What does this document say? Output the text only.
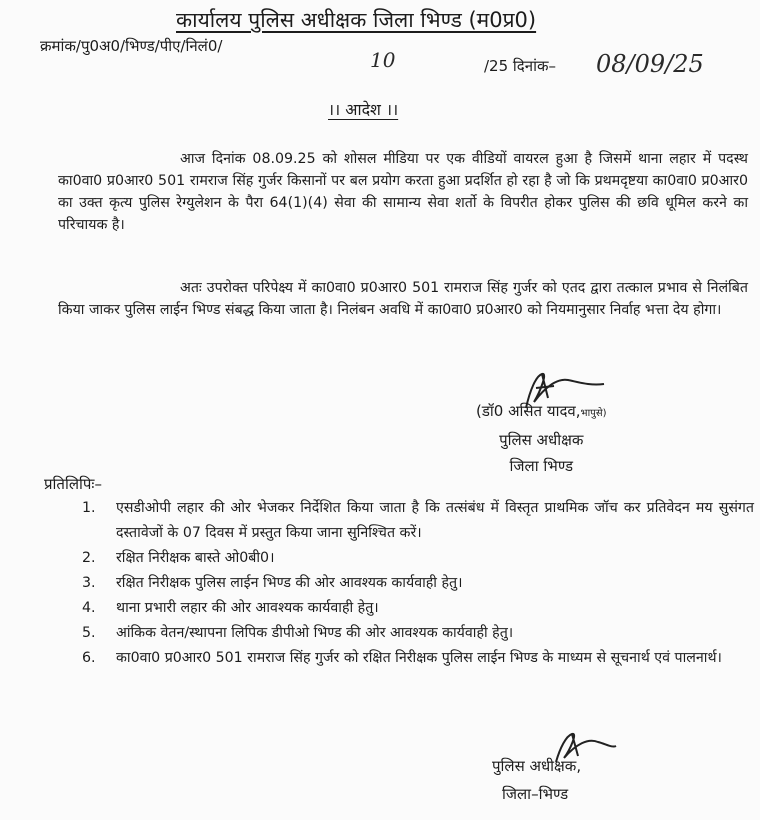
कार्यालय पुलिस अधीक्षक जिला भिण्ड (म0प्र0)
क्रमांक/पु0अ0/भिण्ड/पीए/निलं0/
10	/25 दिनांक– 08/09/25
।। आदेश ।।
आज दिनांक 08.09.25 को शोसल मीडिया पर एक वीडियों वायरल हुआ है जिसमें थाना लहार में पदस्थ का0वा0 प्र0आर0 501 रामराज सिंह गुर्जर किसानों पर बल प्रयोग करता हुआ प्रदर्शित हो रहा है जो कि प्रथमदृष्टया का0वा0 प्र0आर0 का उक्त कृत्य पुलिस रेग्युलेशन के पैरा 64(1)(4) सेवा की सामान्य सेवा शर्तो के विपरीत होकर पुलिस की छवि धूमिल करने का परिचायक है।
अतः उपरोक्त परिपेक्ष्य में का0वा0 प्र0आर0 501 रामराज सिंह गुर्जर को एतद द्वारा तत्काल प्रभाव से निलंबित किया जाकर पुलिस लाईन भिण्ड संबद्ध किया जाता है। निलंबन अवधि में का0वा0 प्र0आर0 को नियमानुसार निर्वाह भत्ता देय होगा।
(डॉ0 असित यादव,भापुसे)
पुलिस अधीक्षक
जिला भिण्ड
प्रतिलिपिः–
1. एसडीओपी लहार की ओर भेजकर निर्देशित किया जाता है कि तत्संबंध में विस्तृत प्राथमिक जॉच कर प्रतिवेदन मय सुसंगत दस्तावेजों के 07 दिवस में प्रस्तुत किया जाना सुनिश्चित करें।
2. रक्षित निरीक्षक बास्ते ओ0बी0।
3. रक्षित निरीक्षक पुलिस लाईन भिण्ड की ओर आवश्यक कार्यवाही हेतु।
4. थाना प्रभारी लहार की ओर आवश्यक कार्यवाही हेतु।
5. आंकिक वेतन/स्थापना लिपिक डीपीओ भिण्ड की ओर आवश्यक कार्यवाही हेतु।
6. का0वा0 प्र0आर0 501 रामराज सिंह गुर्जर को रक्षित निरीक्षक पुलिस लाईन भिण्ड के माध्यम से सूचनार्थ एवं पालनार्थ।
पुलिस अधीक्षक,
जिला–भिण्ड
